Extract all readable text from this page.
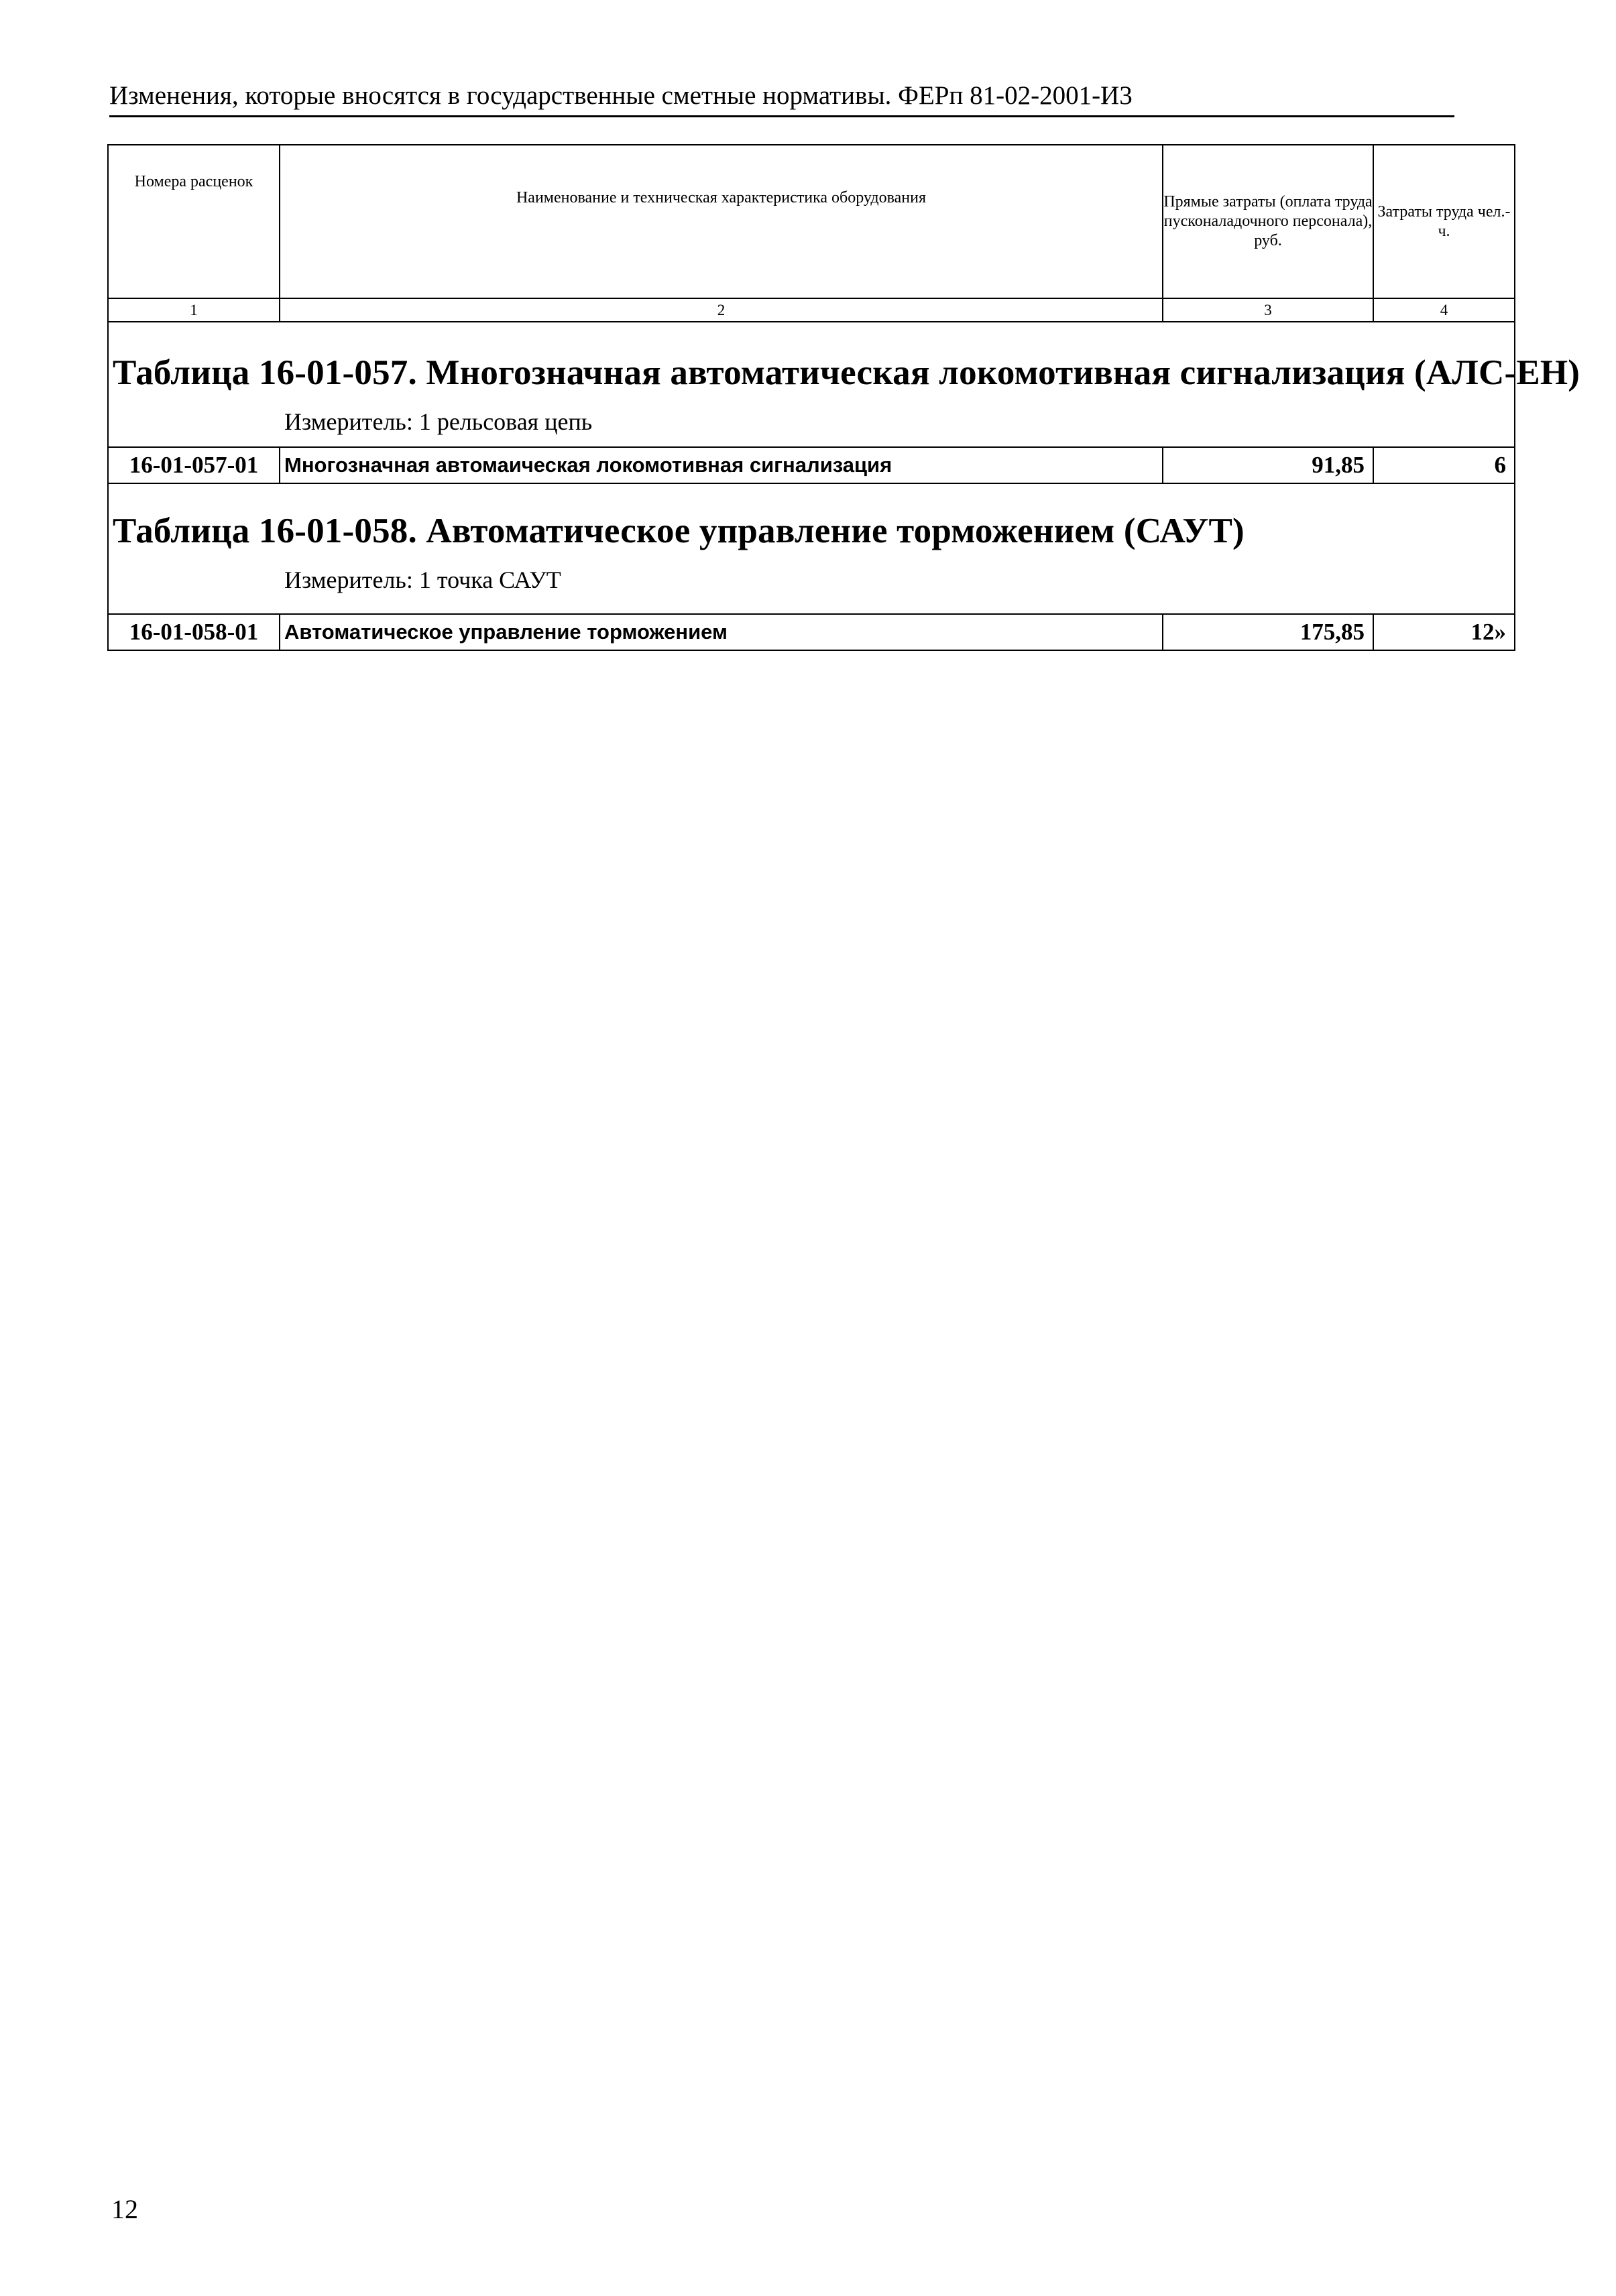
Изменения, которые вносятся в государственные сметные нормативы. ФЕРп 81-02-2001-И3
Номера расценок	Наименование и техническая характеристика оборудования	Прямые затраты (оплата труда пусконаладочного персонала), руб.	Затраты труда чел.-ч.
1	2	3	4

Таблица 16-01-057. Многозначная автоматическая локомотивная сигнализация (АЛС-ЕН)
Измеритель: 1 рельсовая цепь			

16-01-057-01	Многозначная автомаическая локомотивная сигнализация	91,85	6

Таблица 16-01-058. Автоматическое управление торможением (САУТ)
Измеритель: 1 точка САУТ			

16-01-058-01	Автоматическое управление торможением	175,85	12»
12
